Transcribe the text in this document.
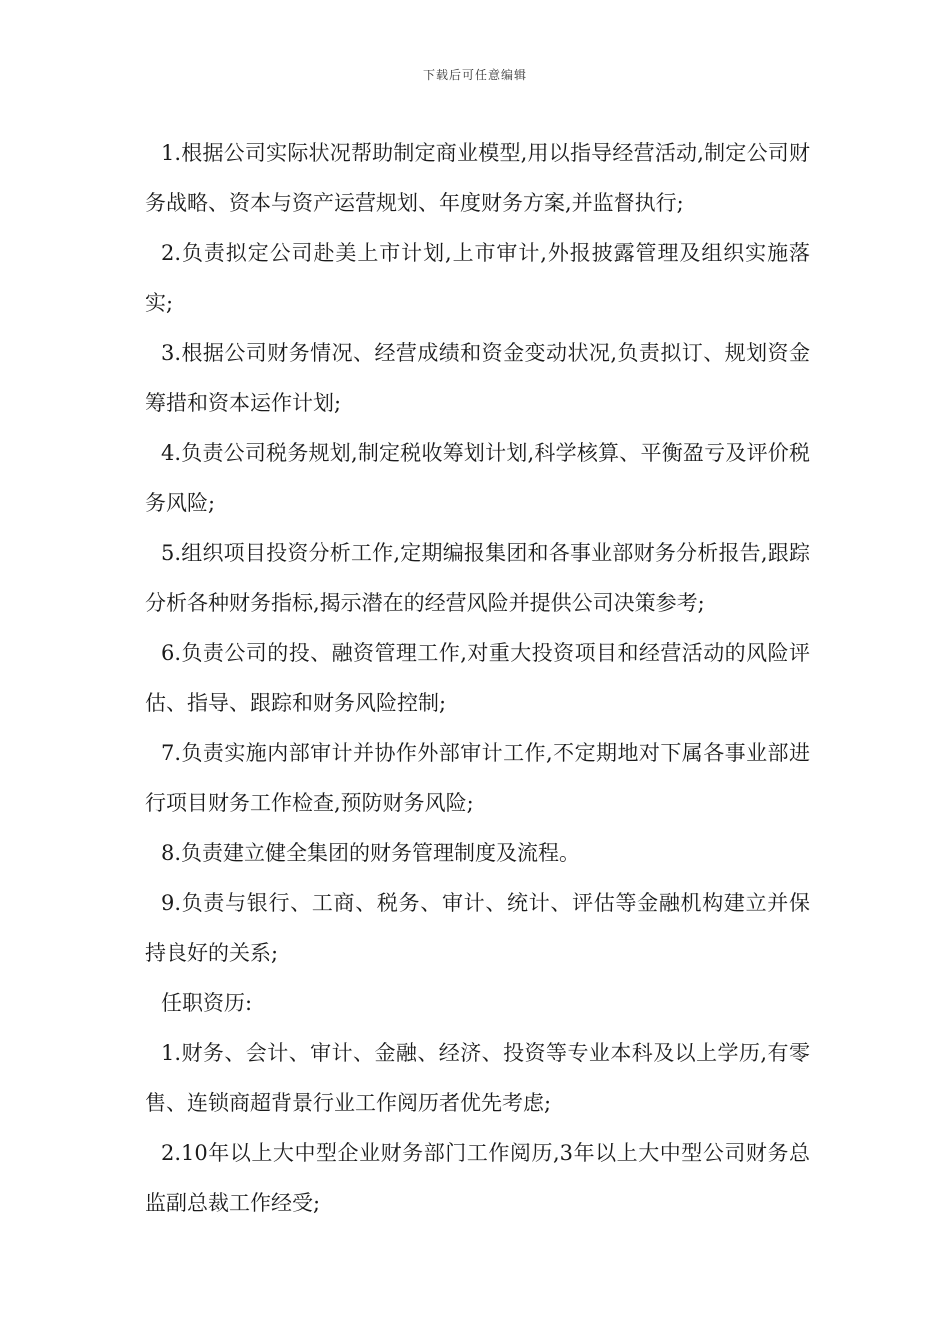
下载后可任意编辑

1.根据公司实际状况帮助制定商业模型,用以指导经营活动,制定公司财务战略、资本与资产运营规划、年度财务方案,并监督执行;

2.负责拟定公司赴美上市计划,上市审计,外报披露管理及组织实施落实;

3.根据公司财务情况、经营成绩和资金变动状况,负责拟订、规划资金筹措和资本运作计划;

4.负责公司税务规划,制定税收筹划计划,科学核算、平衡盈亏及评价税务风险;

5.组织项目投资分析工作,定期编报集团和各事业部财务分析报告,跟踪分析各种财务指标,揭示潜在的经营风险并提供公司决策参考;

6.负责公司的投、融资管理工作,对重大投资项目和经营活动的风险评估、指导、跟踪和财务风险控制;

7.负责实施内部审计并协作外部审计工作,不定期地对下属各事业部进行项目财务工作检查,预防财务风险;

8.负责建立健全集团的财务管理制度及流程。

9.负责与银行、工商、税务、审计、统计、评估等金融机构建立并保持良好的关系;

任职资历:

1.财务、会计、审计、金融、经济、投资等专业本科及以上学历,有零售、连锁商超背景行业工作阅历者优先考虑;

2.10年以上大中型企业财务部门工作阅历,3年以上大中型公司财务总监副总裁工作经受;
